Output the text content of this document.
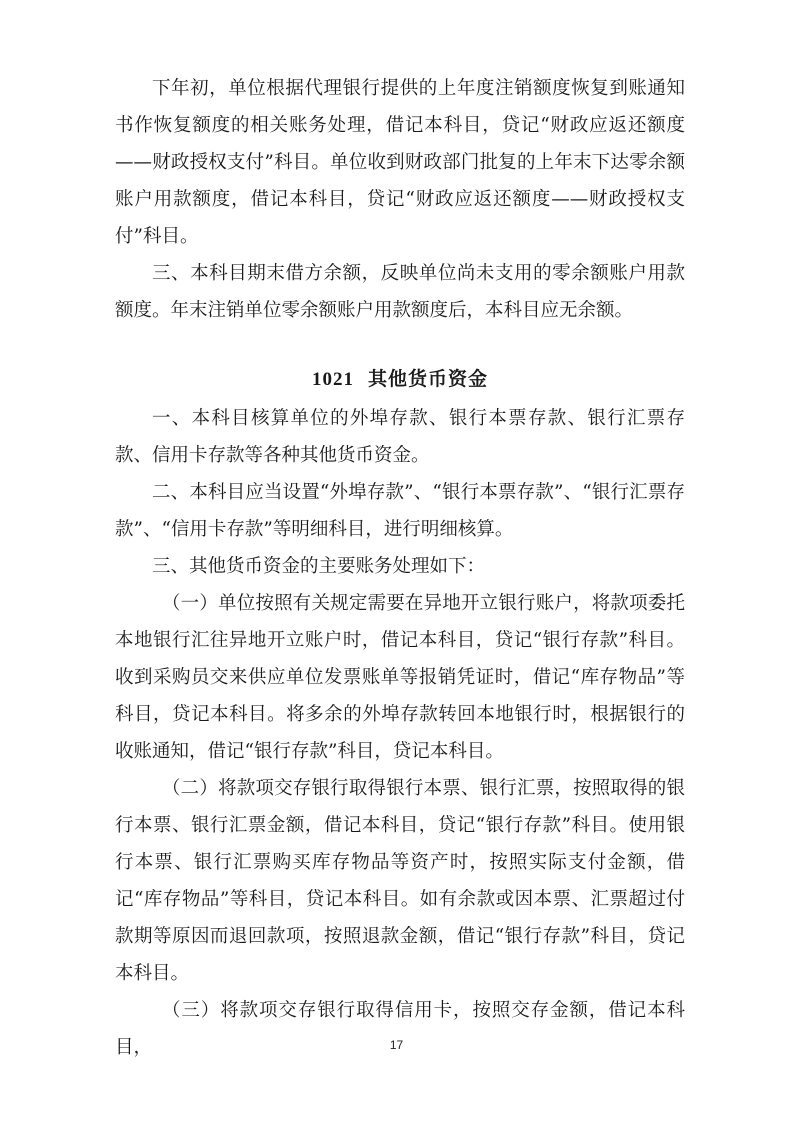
下年初，单位根据代理银行提供的上年度注销额度恢复到账通知书作恢复额度的相关账务处理，借记本科目，贷记“财政应返还额度——财政授权支付”科目。单位收到财政部门批复的上年末下达零余额账户用款额度，借记本科目，贷记“财政应返还额度——财政授权支付”科目。

三、本科目期末借方余额，反映单位尚未支用的零余额账户用款额度。年末注销单位零余额账户用款额度后，本科目应无余额。

1021 其他货币资金

一、本科目核算单位的外埠存款、银行本票存款、银行汇票存款、信用卡存款等各种其他货币资金。

二、本科目应当设置“外埠存款”、“银行本票存款”、“银行汇票存款”、“信用卡存款”等明细科目，进行明细核算。

三、其他货币资金的主要账务处理如下：

（一）单位按照有关规定需要在异地开立银行账户，将款项委托本地银行汇往异地开立账户时，借记本科目，贷记“银行存款”科目。收到采购员交来供应单位发票账单等报销凭证时，借记“库存物品”等科目，贷记本科目。将多余的外埠存款转回本地银行时，根据银行的收账通知，借记“银行存款”科目，贷记本科目。

（二）将款项交存银行取得银行本票、银行汇票，按照取得的银行本票、银行汇票金额，借记本科目，贷记“银行存款”科目。使用银行本票、银行汇票购买库存物品等资产时，按照实际支付金额，借记“库存物品”等科目，贷记本科目。如有余款或因本票、汇票超过付款期等原因而退回款项，按照退款金额，借记“银行存款”科目，贷记本科目。

（三）将款项交存银行取得信用卡，按照交存金额，借记本科目，	17
